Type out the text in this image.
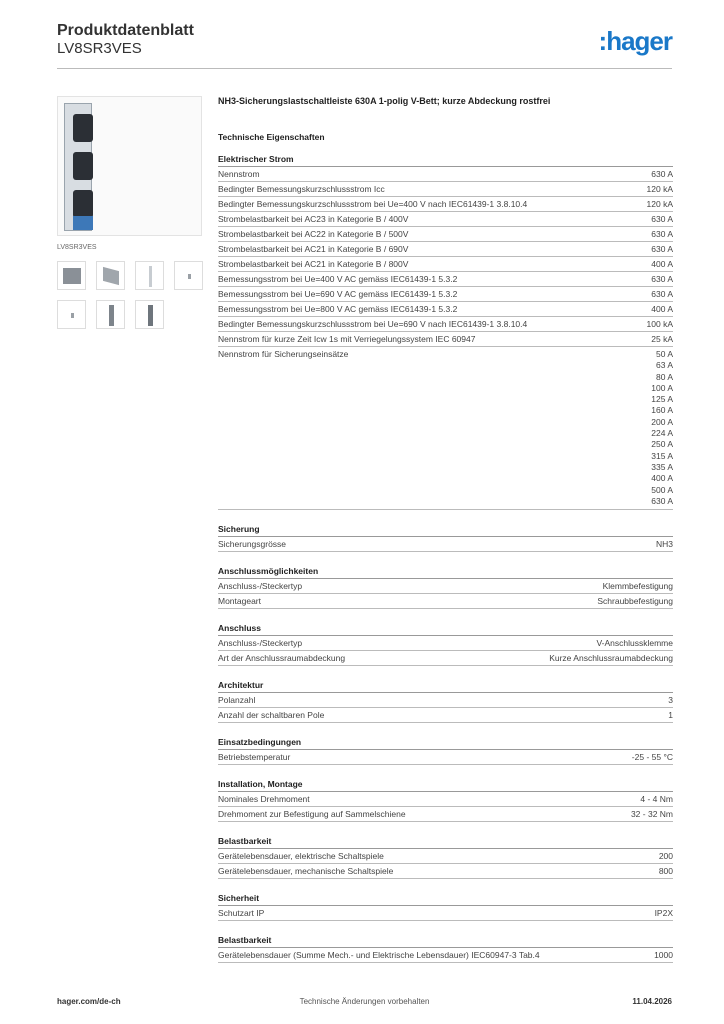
Produktdatenblatt
LV8SR3VES	:hager
LV8SR3VES
NH3-Sicherungslastschaltleiste 630A 1-polig V-Bett; kurze Abdeckung rostfrei
Technische Eigenschaften
Elektrischer Strom
Nennstrom	630 A
Bedingter Bemessungskurzschlussstrom Icc	120 kA
Bedingter Bemessungskurzschlussstrom bei Ue=400 V nach IEC61439-1 3.8.10.4	120 kA
Strombelastbarkeit bei AC23 in Kategorie B / 400V	630 A
Strombelastbarkeit bei AC22 in Kategorie B / 500V	630 A
Strombelastbarkeit bei AC21 in Kategorie B / 690V	630 A
Strombelastbarkeit bei AC21 in Kategorie B / 800V	400 A
Bemessungsstrom bei Ue=400 V AC gemäss IEC61439-1 5.3.2	630 A
Bemessungsstrom bei Ue=690 V AC gemäss IEC61439-1 5.3.2	630 A
Bemessungsstrom bei Ue=800 V AC gemäss IEC61439-1 5.3.2	400 A
Bedingter Bemessungskurzschlussstrom bei Ue=690 V nach IEC61439-1 3.8.10.4	100 kA
Nennstrom für kurze Zeit Icw 1s mit Verriegelungssystem IEC 60947	25 kA
Nennstrom für Sicherungseinsätze	50 A
63 A
80 A
100 A
125 A
160 A
200 A
224 A
250 A
315 A
335 A
400 A
500 A
630 A
Sicherung
Sicherungsgrösse	NH3
Anschlussmöglichkeiten
Anschluss-/Steckertyp	Klemmbefestigung
Montageart	Schraubbefestigung
Anschluss
Anschluss-/Steckertyp	V-Anschlussklemme
Art der Anschlussraumabdeckung	Kurze Anschlussraumabdeckung
Architektur
Polanzahl	3
Anzahl der schaltbaren Pole	1
Einsatzbedingungen
Betriebstemperatur	-25 - 55 °C
Installation, Montage
Nominales Drehmoment	4 - 4 Nm
Drehmoment zur Befestigung auf Sammelschiene	32 - 32 Nm
Belastbarkeit
Gerätelebensdauer, elektrische Schaltspiele	200
Gerätelebensdauer, mechanische Schaltspiele	800
Sicherheit
Schutzart IP	IP2X
Belastbarkeit
Gerätelebensdauer (Summe Mech.- und Elektrische Lebensdauer) IEC60947-3 Tab.4	1000
hager.com/de-ch	Technische Änderungen vorbehalten	11.04.2026
